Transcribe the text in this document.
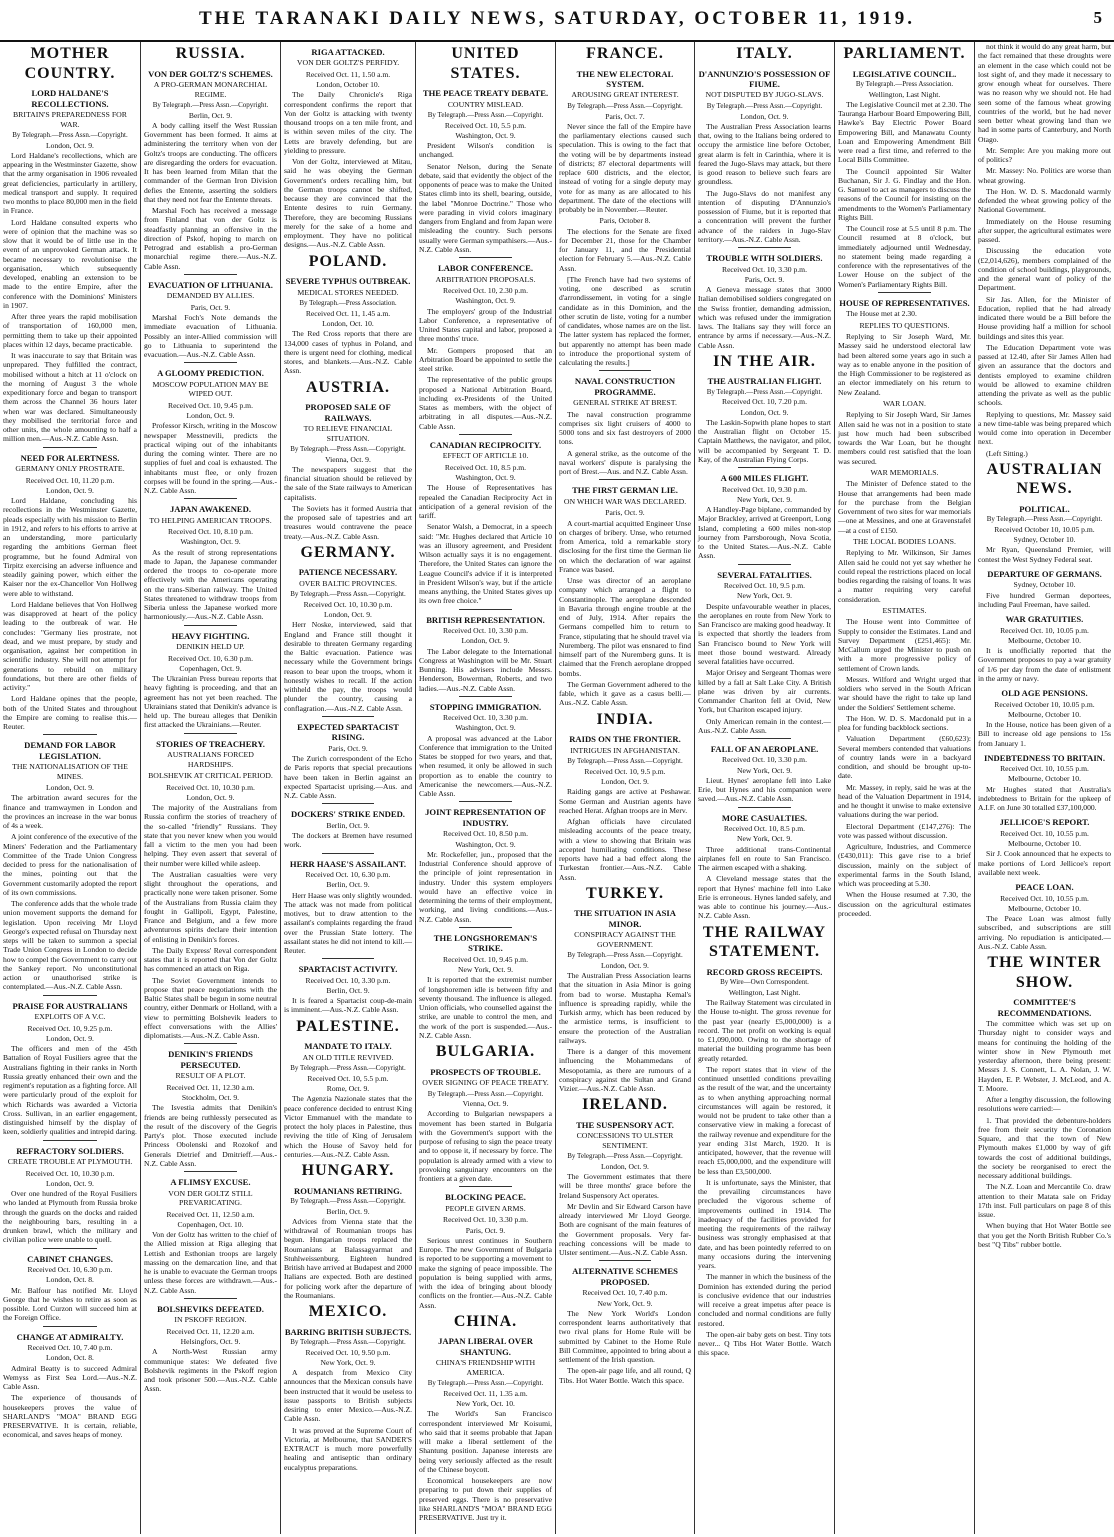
THE TARANAKI DAILY NEWS, SATURDAY, OCTOBER 11, 1919.	5
MOTHER COUNTRY.
LORD HALDANE'S RECOLLECTIONS.
BRITAIN'S PREPAREDNESS FOR WAR.
By Telegraph.—Press Assn.—Copyright.
London, Oct. 9.

Lord Haldane's recollections, which are appearing in the Westminster Gazette, show that the army organisation in 1906 revealed great deficiencies, particularly in artillery, medical transport and supply. It required two months to place 80,000 men in the field in France.

Lord Haldane consulted experts who were of opinion that the machine was so slow that it would be of little use in the event of an unprovoked German attack. It became necessary to revolutionise the organisation, which subsequently developed, enabling an extension to be made to the entire Empire, after the conference with the Dominions' Ministers in 1907.

After three years the rapid mobilisation of transportation of 160,000 men, permitting them to take up their appointed places within 12 days, became practicable.

It was inaccurate to say that Britain was unprepared. They fulfilled the contract, mobilised without a hitch at 11 o'clock on the morning of August 3 the whole expeditionary force and began to transport them across the Channel 36 hours later when war was declared. Simultaneously they mobilised the territorial force and other units, the whole amounting to half a million men.—Aus.-N.Z. Cable Assn.

NEED FOR ALERTNESS.
GERMANY ONLY PROSTRATE.
Received Oct. 10, 11.20 p.m.
London, Oct. 9.

Lord Haldane, concluding his recollections in the Westminster Gazette, pleads especially with his mission to Berlin in 1912, and refers to his efforts to arrive at an understanding, more particularly regarding the ambitions German fleet programme, but he found Admiral von Tirpitz exercising an adverse influence and steadily gaining power, which either the Kaiser nor the ex-Chancellor Von Hollweg were able to withstand.

Lord Haldane believes that Von Hollweg was disapproved at heart of the policy leading to the outbreak of war. He concludes: "Germany lies prostrate, not dead, and we must prepare, by study and organisation, against her competition in scientific industry. She will not attempt for generations to rebuild on military foundations, but there are other fields of activity."

Lord Haldane opines that the people, both of the United States and throughout the Empire are coming to realise this.—Reuter.

DEMAND FOR LABOR LEGISLATION.
THE NATIONALISATION OF THE MINES.
London, Oct. 9.

The arbitration award secures for the finance and tramwaymen in London and the provinces an increase in the war bonus of 4s a week.

A joint conference of the executive of the Miners' Federation and the Parliamentary Committee of the Trade Union Congress decided to press for the nationalisation of the mines, pointing out that the Government customarily adopted the report of its own commissions.

The conference adds that the whole trade union movement supports the demand for legislation. Upon receiving Mr Lloyd George's expected refusal on Thursday next steps will be taken to summon a special Trade Union Congress in London to decide how to compel the Government to carry out the Sankey report. No unconstitutional action or unauthorised strike is contemplated.—Aus.-N.Z. Cable Assn.

PRAISE FOR AUSTRALIANS
EXPLOITS OF A V.C.
Received Oct. 10, 9.25 p.m.
London, Oct. 9.

The officers and men of the 45th Battalion of Royal Fusiliers agree that the Australians fighting in their ranks in North Russia greatly enhanced their own and the regiment's reputation as a fighting force. All were particularly proud of the exploit for which Richards was awarded a Victoria Cross. Sullivan, in an earlier engagement, distinguished himself by the display of keen, soldierly qualities and intrepid daring.

REFRACTORY SOLDIERS.
CREATE TROUBLE AT PLYMOUTH.
Received Oct. 10, 10.30 p.m.
London, Oct. 9.

Over one hundred of the Royal Fusiliers who landed at Plymouth from Russia broke through the guards on the docks and raided the neighbouring bars, resulting in a drunken brawl, which the military and civilian police were unable to quell.

CABINET CHANGES.
Received Oct. 10, 6.30 p.m.
London, Oct. 8.

Mr. Balfour has notified Mr. Lloyd George that he wishes to retire as soon as possible. Lord Curzon will succeed him at the Foreign Office.

CHANGE AT ADMIRALTY.
Received Oct. 10, 7.40 p.m.
London, Oct. 8.

Admiral Beatty is to succeed Admiral Wemyss as First Sea Lord.—Aus.-N.Z. Cable Assn.

The experience of thousands of housekeepers proves the value of SHARLAND'S "MOA" BRAND EGG PRESERVATIVE. It is certain, reliable, economical, and saves heaps of money.

RUSSIA.
VON DER GOLTZ'S SCHEMES.
A PRO-GERMAN MONARCHIAL REGIME.
By Telegraph.—Press Assn.—Copyright.
Berlin, Oct. 9.

A body calling itself the West Russian Government has been formed. It aims at administering the territory when von der Goltz's troops are conducting. The officers are disregarding the orders for evacuation. It has been learned from Milan that the commander of the German Iron Division defies the Entente, asserting the soldiers that they need not fear the Entente threats.

Marshal Foch has received a message from Finland that von der Goltz is steadfastly planning an offensive in the direction of Pskof, hoping to march on Petrograd and establish a pro-German monarchial regime there.—Aus.-N.Z. Cable Assn.

EVACUATION OF LITHUANIA.
DEMANDED BY ALLIES.
Paris, Oct. 9.

Marshal Foch's Note demands the immediate evacuation of Lithuania. Possibly an inter-Allied commission will go to Lithuania to superintend the evacuation.—Aus.-N.Z. Cable Assn.

A GLOOMY PREDICTION.
MOSCOW POPULATION MAY BE WIPED OUT.
Received Oct. 10, 9.45 p.m.
London, Oct. 9.

Professor Kirsch, writing in the Moscow newspaper Messtnevili, predicts the practical wiping out of the inhabitants during the coming winter. There are no supplies of fuel and coal is exhausted. The inhabitants must flee, or only frozen corpses will be found in the spring.—Aus.-N.Z. Cable Assn.

JAPAN AWAKENED.
TO HELPING AMERICAN TROOPS.
Received Oct. 10, 8.10 p.m.
Washington, Oct. 9.

As the result of strong representations made to Japan, the Japanese commander ordered the troops to co-operate more effectively with the Americans operating on the trans-Siberian railway. The United States threatened to withdraw troops from Siberia unless the Japanese worked more harmoniously.—Aus.-N.Z. Cable Assn.

HEAVY FIGHTING.
DENIKIN HELD UP.
Received Oct. 10, 6.30 p.m.
Copenhagen, Oct. 9.

The Ukrainian Press bureau reports that heavy fighting is proceeding, and that an agreement has not yet been reached. The Ukrainians stated that Denikin's advance is held up. The bureau alleges that Denikin first attacked the Ukrainians.—Reuter.

STORIES OF TREACHERY.
AUSTRALIANS FORCED HARDSHIPS.
BOLSHEVIK AT CRITICAL PERIOD.
Received Oct. 10, 10.30 p.m.
London, Oct. 9.

The majority of the Australians from Russia confirm the stories of treachery of the so-called "friendly" Russians. They state that you never knew when you would fall a victim to the men you had been helping. They even assert that several of their number were killed while asleep.

The Australian casualties were very slight throughout the operations, and practically none were taken prisoner. Some of the Australians from Russia claim they fought in Gallipoli, Egypt, Palestine, France and Belgium, and a few more adventurous spirits declare their intention of enlisting in Denikin's forces.

The Daily Express' Reval correspondent states that it is reported that Von der Goltz has commenced an attack on Riga.

The Soviet Government intends to propose that peace negotiations with the Baltic States shall be begun in some neutral country, either Denmark or Holland, with a view to permitting Bolshevik leaders to effect conversations with the Allies' diplomatists.—Aus.-N.Z. Cable Assn.

DENIKIN'S FRIENDS PERSECUTED.
RESULT OF A PLOT.
Received Oct. 11, 12.30 a.m.
Stockholm, Oct. 9.

The Isvestia admits that Denikin's friends are being ruthlessly persecuted as the result of the discovery of the Gegris Party's plot. Those executed include Princess Obolenski and Rozokof and Generals Dietrief and Dmitrieff.—Aus.-N.Z. Cable Assn.

A FLIMSY EXCUSE.
VON DER GOLTZ STILL PREVARICATING.
Received Oct. 11, 12.50 a.m.
Copenhagen, Oct. 10.

Von der Goltz has written to the chief of the Allied mission at Riga alleging that Lettish and Esthonian troops are largely massing on the demarcation line, and that he is unable to evacuate the German troops unless these forces are withdrawn.—Aus.-N.Z. Cable Assn.

BOLSHEVIKS DEFEATED.
IN PSKOFF REGION.
Received Oct. 11, 12.20 a.m.
Helsingfors, Oct. 9.

A North-West Russian army communique states: We defeated five Bolshevik regiments in the Pskoff region and took prisoner 500.—Aus.-N.Z. Cable Assn.

RIGA ATTACKED.
VON DER GOLTZ'S PERFIDY.
Received Oct. 11, 1.50 a.m.
London, October 10.

The Daily Chronicle's Riga correspondent confirms the report that Von der Goltz is attacking with twenty thousand troops on a ten mile front, and is within seven miles of the city. The Letts are bravely defending, but are yielding to pressure.

Von der Goltz, interviewed at Mitau, said he was obeying the German Government's orders recalling him, but the German troops cannot be shifted, because they are convinced that the Entente desires to ruin Germany. Therefore, they are becoming Russians merely for the sake of a home and employment. They have no political designs.—Aus.-N.Z. Cable Assn.

POLAND.
SEVERE TYPHUS OUTBREAK.
MEDICAL STORES NEEDED.
By Telegraph.—Press Association.
Received Oct. 11, 1.45 a.m.
London, Oct. 10.

The Red Cross reports that there are 134,000 cases of typhus in Poland, and there is urgent need for clothing, medical stores, and blankets.—Aus.-N.Z. Cable Assn.

AUSTRIA.
PROPOSED SALE OF RAILWAYS.
TO RELIEVE FINANCIAL SITUATION.
By Telegraph.—Press Assn.—Copyright.
Vienna, Oct. 9.

The newspapers suggest that the financial situation should be relieved by the sale of the State railways to American capitalists.

The Soviets has it formed Austria that the proposed sale of tapestries and art treasures would contravene the peace treaty.—Aus.-N.Z. Cable Assn.

GERMANY.
PATIENCE NECESSARY.
OVER BALTIC PROVINCES.
By Telegraph.—Press Assn.—Copyright.
Received Oct. 10, 10.30 p.m.
London, Oct. 9.

Herr Noske, interviewed, said that England and France still thought it desirable to threaten Germany regarding the Baltic evacuation. Patience was necessary while the Government brings reason to bear upon the troops, whom it honestly wishes to recall. If the action withheld the pay, the troops would plunder the country, causing a conflagration.—Aus.-N.Z. Cable Assn.

EXPECTED SPARTACIST RISING.
Paris, Oct. 9.

The Zurich correspondent of the Echo de Paris reports that special precautions have been taken in Berlin against an expected Spartacist uprising.—Aus. and N.Z. Cable Assn.

DOCKERS' STRIKE ENDED.
Berlin, Oct. 9.

The dockers at Bremen have resumed work.

HERR HAASE'S ASSAILANT.
Received Oct. 10, 6.30 p.m.
Berlin, Oct. 9.

Herr Haase was only slightly wounded. The attack was not made from political motives, but to draw attention to the assailant's complaints regarding the fraud over the Prussian State lottery. The assailant states he did not intend to kill.—Reuter.

SPARTACIST ACTIVITY.
Received Oct. 10, 3.30 p.m.
Berlin, Oct. 9.

It is feared a Spartacist coup-de-main is imminent.—Aus.-N.Z. Cable Assn.

PALESTINE.
MANDATE TO ITALY.
AN OLD TITLE REVIVED.
By Telegraph.—Press Assn.—Copyright.
Received Oct. 10, 5.5 p.m.
Rome, Oct. 9.

The Agenzia Nazionale states that the peace conference decided to entrust King Victor Emmanuel with the mandate to protect the holy places in Palestine, thus reviving the title of King of Jerusalem which the House of Savoy held for centuries.—Aus.-N.Z. Cable Assn.

HUNGARY.
ROUMANIANS RETIRING.
By Telegraph.—Press Assn.—Copyright.
Berlin, Oct. 9.

Advices from Vienna state that the withdrawal of Roumanian troops has begun. Hungarian troops replaced the Roumanians at Balassagyarmat and Stuhlweissenburg. Eighteen hundred British have arrived at Budapest and 2000 Italians are expected. Both are destined for policing work after the departure of the Roumanians.

MEXICO.
BARRING BRITISH SUBJECTS.
By Telegraph.—Press Assn.—Copyright.
Received Oct. 10, 9.50 p.m.
New York, Oct. 9.

A despatch from Mexico City announces that the Mexican consuls have been instructed that it would be useless to issue passports to British subjects desiring to enter Mexico.—Aus.-N.Z. Cable Assn.

It was proved at the Supreme Court of Victoria, at Melbourne, that SANDER'S EXTRACT is much more powerfully healing and antiseptic than ordinary eucalyptus preparations.

UNITED STATES.
THE PEACE TREATY DEBATE.
COUNTRY MISLEAD.
By Telegraph.—Press Assn.—Copyright.
Received Oct. 10, 5.5 p.m.
Washington, Oct. 9.

President Wilson's condition is unchanged.

Senator Nelson, during the Senate debate, said that evidently the object of the opponents of peace was to make the United States climb into its shell, bearing, outside, the label "Monroe Doctrine." Those who were parading in vivid colors imaginary dangers from England and from Japan were misleading the country. Such persons usually were German sympathisers.—Aus.-N.Z. Cable Assn.

LABOR CONFERENCE.
ARBITRATION PROPOSALS.
Received Oct. 10, 2.30 p.m.
Washington, Oct. 9.

The employers' group of the Industrial Labor Conference, a representative of United States capital and labor, proposed a three months' truce.

Mr. Gompers proposed that an Arbitration Board be appointed to settle the steel strike.

The representative of the public groups proposed a National Arbitration Board, including ex-Presidents of the United States as members, with the object of arbitrating in all disputes.—Aus.-N.Z. Cable Assn.

CANADIAN RECIPROCITY.
EFFECT OF ARTICLE 10.
Received Oct. 10, 8.5 p.m.
Washington, Oct. 9.

The House of Representatives has repealed the Canadian Reciprocity Act in anticipation of a general revision of the tariff.

Senator Walsh, a Democrat, in a speech said: "Mr. Hughes declared that Article 10 was an illusory agreement, and President Wilson actually says it is no engagement. Therefore, the United States can ignore the League Council's advice if it is interpreted in President Wilson's way, but if the article means anything, the United States gives up its own free choice."

BRITISH REPRESENTATION.
Received Oct. 10, 3.30 p.m.
London, Oct. 9.

The Labor delegate to the International Congress at Washington will be Mr. Stuart Bunning. His advisers include Messrs. Henderson, Bowerman, Roberts, and two ladies.—Aus.-N.Z. Cable Assn.

STOPPING IMMIGRATION.
Received Oct. 10, 3.30 p.m.
Washington, Oct. 9.

A proposal was advanced at the Labor Conference that immigration to the United States be stopped for two years, and that, when resumed, it only be allowed in such proportion as to enable the country to Americanise the newcomers.—Aus.-N.Z. Cable Assn.

JOINT REPRESENTATION OF INDUSTRY.
Received Oct. 10, 8.50 p.m.
Washington, Oct. 9.

Mr. Rockefeller, jun., proposed that the Industrial Conference should approve of the principle of joint representation in industry. Under this system employers would have an effective voice in determining the terms of their employment, working, and living conditions.—Aus.-N.Z. Cable Assn.

THE LONGSHOREMAN'S STRIKE.
Received Oct. 10, 9.45 p.m.
New York, Oct. 9.

It is reported that the extremist number of longshoremen idle is between fifty and seventy thousand. The influence is alleged. Union officials, who counselled against the strike, are unable to control the men, and the work of the port is suspended.—Aus.-N.Z. Cable Assn.

BULGARIA.
PROSPECTS OF TROUBLE.
OVER SIGNING OF PEACE TREATY.
By Telegraph.—Press Assn.—Copyright.
Vienna, Oct. 9.

According to Bulgarian newspapers a movement has been started in Bulgaria with the Government's support with the purpose of refusing to sign the peace treaty and to oppose it, if necessary by force. The population is already armed with a view to provoking sanguinary encounters on the frontiers at a given date.

BLOCKING PEACE.
PEOPLE GIVEN ARMS.
Received Oct. 10, 3.30 p.m.
Paris, Oct. 9.

Serious unrest continues in Southern Europe. The new Government of Bulgaria is reported to be supporting a movement to make the signing of peace impossible. The population is being supplied with arms, with the idea of bringing about bloody conflicts on the frontier.—Aus.-N.Z. Cable Assn.

CHINA.
JAPAN LIBERAL OVER SHANTUNG.
CHINA'S FRIENDSHIP WITH AMERICA.
By Telegraph.—Press Assn.—Copyright.
Received Oct. 11, 1.35 a.m.
New York, Oct. 10.

The World's San Francisco correspondent interviewed Mr Koisumi, who said that it seems probable that Japan will make a liberal settlement of the Shantung position. Japanese interests are being very seriously affected as the result of the Chinese boycott.

Economical housekeepers are now preparing to put down their supplies of preserved eggs. There is no preservative like SHARLAND'S "MOA" BRAND EGG PRESERVATIVE. Just try it.

FRANCE.
THE NEW ELECTORAL SYSTEM.
AROUSING GREAT INTEREST.
By Telegraph.—Press Assn.—Copyright.
Paris, Oct. 7.

Never since the fall of the Empire have the parliamentary elections caused such speculation. This is owing to the fact that the voting will be by departments instead of districts; 87 electoral departments will replace 600 districts, and the elector, instead of voting for a single deputy may vote for as many as are allocated to his department. The date of the elections will probably be in November.—Reuter.

Paris, October 8.

The elections for the Senate are fixed for December 21, those for the Chamber for January 11, and the Presidential election for February 5.—Aus.-N.Z. Cable Assn.

[The French have had two systems of voting, one described as scrutin d'arrondissement, in voting for a single candidate as in this Dominion, and the other scrutin de liste, voting for a number of candidates, whose names are on the list. The latter system has replaced the former, but apparently no attempt has been made to introduce the proportional system of calculating the results.]

NAVAL CONSTRUCTION PROGRAMME.
GENERAL STRIKE AT BREST.

The naval construction programme comprises six light cruisers of 4000 to 5000 tons and six fast destroyers of 2000 tons.

A general strike, as the outcome of the naval workers' dispute is paralysing the port of Brest.—Aus. and N.Z. Cable Assn.

THE FIRST GERMAN LIE.
ON WHICH WAR WAS DECLARED.
Paris, Oct. 9.

A court-martial acquitted Engineer Unse on charges of bribery. Unse, who returned from America, told a remarkable story disclosing for the first time the German lie on which the declaration of war against France was based.

Unse was director of an aeroplane company which arranged a flight to Constantinople. The aeroplane descended in Bavaria through engine trouble at the end of July, 1914. After repairs the Germans compelled him to return to France, stipulating that he should travel via Nuremberg. The pilot was ensnared to find himself part of the Nuremberg guns. It is claimed that the French aeroplane dropped bombs.

The German Government adhered to the fable, which it gave as a casus belli.—Aus.-N.Z. Cable Assn.

INDIA.
RAIDS ON THE FRONTIER.
INTRIGUES IN AFGHANISTAN.
By Telegraph.—Press Assn.—Copyright.
Received Oct. 10, 9.5 p.m.
London, Oct. 9.

Raiding gangs are active at Peshawar. Some German and Austrian agents have reached Herat. Afghan troops are in Merv.

Afghan officials have circulated misleading accounts of the peace treaty, with a view to showing that Britain was accepted humiliating conditions. These reports have had a bad effect along the Turkestan frontier.—Aus.-N.Z. Cable Assn.

TURKEY.
THE SITUATION IN ASIA MINOR.
CONSPIRACY AGAINST THE GOVERNMENT.
By Telegraph.—Press Assn.—Copyright.
London, Oct. 9.

The Australian Press Association learns that the situation in Asia Minor is going from bad to worse. Mustapha Kemal's influence is spreading rapidly, while the Turkish army, which has been reduced by the armistice terms, is insufficient to ensure the protection of the Australian railways.

There is a danger of this movement influencing the Mohammedans of Mesopotamia, as there are rumours of a conspiracy against the Sultan and Grand Vizier.—Aus.-N.Z. Cable Assn.

IRELAND.
THE SUSPENSORY ACT.
CONCESSIONS TO ULSTER SENTIMENT.
By Telegraph.—Press Assn.—Copyright.
London, Oct. 9.

The Government estimates that there will be three months' grace before the Ireland Suspensory Act operates.

Mr Devlin and Sir Edward Carson have already interviewed Mr Lloyd George. Both are cognisant of the main features of the Government proposals. Very far-reaching concessions will be made to Ulster sentiment.—Aus.-N.Z. Cable Assn.

ALTERNATIVE SCHEMES PROPOSED.
Received Oct. 10, 7.40 p.m.
New York, Oct. 9.

The New York World's London correspondent learns authoritatively that two rival plans for Home Rule will be submitted by Cabinet to the Home Rule Bill Committee, appointed to bring about a settlement of the Irish question.

The open-air page life, and all round, Q Tibs. Hot Water Bottle. Watch this space.

ITALY.
D'ANNUNZIO'S POSSESSION OF FIUME.
NOT DISPUTED BY JUGO-SLAVS.
By Telegraph.—Press Assn.—Copyright.
London, Oct. 9.

The Australian Press Association learns that, owing to the Italians being ordered to occupy the armistice line before October, great alarm is felt in Carinthia, where it is feared the Jugo-Slavs may attack, but there is good reason to believe such fears are groundless.

The Jugo-Slavs do not manifest any intention of disputing D'Annunzio's possession of Fiume, but it is reported that a concentration will prevent the further advance of the raiders in Jugo-Slav territory.—Aus.-N.Z. Cable Assn.

TROUBLE WITH SOLDIERS.
Received Oct. 10, 3.30 p.m.
Paris, Oct. 9.

A Geneva message states that 3000 Italian demobilised soldiers congregated on the Swiss frontier, demanding admission, which was refused under the immigration laws. The Italians say they will force an entrance by arms if necessary.—Aus.-N.Z. Cable Assn.

IN THE AIR.
THE AUSTRALIAN FLIGHT.
By Telegraph.—Press Assn.—Copyright.
Received Oct. 10, 7.20 p.m.
London, Oct. 9.

The Laskin-Sopwith plane hopes to start the Australian flight on October 15. Captain Matthews, the navigator, and pilot, will be accompanied by Sergeant T. D. Kay, of the Australian Flying Corps.

A 600 MILES FLIGHT.
Received Oct. 10, 9.30 p.m.
New York, Oct. 9.

A Handley-Page biplane, commanded by Major Brackley, arrived at Greenport, Long Island, completing a 600 miles non-stop journey from Parrsborough, Nova Scotia, to the United States.—Aus.-N.Z. Cable Assn.

SEVERAL FATALITIES.
Received Oct. 10, 9.5 p.m.
New York, Oct. 9.

Despite unfavourable weather in places, the aeroplanes en route from New York to San Francisco are making good headway. It is expected that shortly the leaders from San Francisco bound to New York will meet those bound westward. Already several fatalities have occurred.

Major Orisey and Sergeant Thomas were killed by a fall at Salt Lake City. A British plane was driven by air currents. Commander Chariton fell at Ovid, New York, but Chariton escaped injury.

Only American remain in the contest.—Aus.-N.Z. Cable Assn.

FALL OF AN AEROPLANE.
Received Oct. 10, 3.30 p.m.
New York, Oct. 9.

Lieut. Hynes' aeroplane fell into Lake Erie, but Hynes and his companion were saved.—Aus.-N.Z. Cable Assn.

MORE CASUALTIES.
Received Oct. 10, 8.5 p.m.
New York, Oct. 9.

Three additional trans-Continental airplanes fell en route to San Francisco. The airmen escaped with a shaking.

A Cleveland message states that the report that Hynes' machine fell into Lake Erie is erroneous. Hynes landed safely, and was able to continue his journey.—Aus.-N.Z. Cable Assn.

THE RAILWAY STATEMENT.
RECORD GROSS RECEIPTS.
By Wire—Own Correspondent.
Wellington, Last Night.

The Railway Statement was circulated in the House to-night. The gross revenue for the past year (nearly £5,000,000) is a record. The net profit on working is equal to £1,090,000. Owing to the shortage of material the building programme has been greatly retarded.

The report states that in view of the continued unsettled conditions prevailing as the result of the war, and the uncertainty as to when anything approaching normal circumstances will again be restored, it would not be prudent to take other than a conservative view in making a forecast of the railway revenue and expenditure for the year ending 31st March, 1920. It is anticipated, however, that the revenue will reach £5,000,000, and the expenditure will be less than £3,500,000.

It is unfortunate, says the Minister, that the prevailing circumstances have precluded the vigorous scheme of improvements outlined in 1914. The inadequacy of the facilities provided for meeting the requirements of the railway business was strongly emphasised at that date, and has been pointedly referred to on many occasions during the intervening years.

The manner in which the business of the Dominion has extended during the period is conclusive evidence that our industries will receive a great impetus after peace is concluded and normal conditions are fully restored.

The open-air baby gets on best. Tiny tots never... Q Tibs Hot Water Bottle. Watch this space.

PARLIAMENT.
LEGISLATIVE COUNCIL.
By Telegraph.—Press Association.
Wellington, Last Night.

The Legislative Council met at 2.30. The Tauranga Harbour Board Empowering Bill, Hawke's Bay Electric Power Board Empowering Bill, and Manawatu County Loan and Empowering Amendment Bill were read a first time, and referred to the Local Bills Committee.

The Council appointed Sir Walter Buchanan, Sir J. G. Findlay and the Hon. G. Samuel to act as managers to discuss the reasons of the Council for insisting on the amendments to the Women's Parliamentary Rights Bill.

The Council rose at 5.5 until 8 p.m. The Council resumed at 8 o'clock, but immediately adjourned until Wednesday, no statement being made regarding a conference with the representatives of the Lower House on the subject of the Women's Parliamentary Rights Bill.

HOUSE OF REPRESENTATIVES.

The House met at 2.30.

REPLIES TO QUESTIONS.

Replying to Sir Joseph Ward, Mr. Massey said he understood electoral law had been altered some years ago in such a way as to enable anyone in the position of the High Commissioner to be registered as an elector immediately on his return to New Zealand.

WAR LOAN.

Replying to Sir Joseph Ward, Sir James Allen said he was not in a position to state just how much had been subscribed towards the War Loan, but he thought members could rest satisfied that the loan was secured.

WAR MEMORIALS.

The Minister of Defence stated to the House that arrangements had been made for the purchase from the Belgian Government of two sites for war memorials—one at Messines, and one at Gravenstafel—at a cost of £150.

THE LOCAL BODIES LOANS.

Replying to Mr. Wilkinson, Sir James Allen said he could not yet say whether he could repeal the restrictions placed on local bodies regarding the raising of loans. It was a matter requiring very careful consideration.

ESTIMATES.

The House went into Committee of Supply to consider the Estimates. Land and Survey Department (£251,465): Mr. McCallum urged the Minister to push on with a more progressive policy of settlement of Crown lands.

Messrs. Wilford and Wright urged that soldiers who served in the South African war should have the right to take up land under the Soldiers' Settlement scheme.

The Hon. W. D. S. Macdonald put in a plea for funding backblock sections.

Valuation Department (£60,623): Several members contended that valuations of country lands were in a backyard condition, and should be brought up-to-date.

Mr. Massey, in reply, said he was at the head of the Valuation Department in 1914, and he thought it unwise to make extensive valuations during the war period.

Electoral Department (£147,276): The vote was passed without discussion.

Agriculture, Industries, and Commerce (£430,011): This gave rise to a brief discussion, mainly on the subject of experimental farms in the South Island, which was proceeding at 5.30.

When the House resumed at 7.30, the discussion on the agricultural estimates proceeded.

not think it would do any great harm, but the fact remained that these droughts were an element in the case which could not be lost sight of, and they made it necessary to grow enough wheat for ourselves. There was no reason why we should not. He had seen some of the famous wheat growing countries of the world, but he had never seen better wheat growing land than we had in some parts of Canterbury, and North Otago.

Mr. Semple: Are you making more out of politics?

Mr. Massey: No. Politics are worse than wheat growing.

The Hon. W. D. S. Macdonald warmly defended the wheat growing policy of the National Government.

Immediately on the House resuming after supper, the agricultural estimates were passed.

Discussing the education vote (£2,014,626), members complained of the condition of school buildings, playgrounds, and the general want of policy of the Department.

Sir Jas. Allen, for the Minister of Education, replied that he had already indicated there would be a Bill before the House providing half a million for school buildings and sites this year.

The Education Department vote was passed at 12.40, after Sir James Allen had given an assurance that the doctors and dentists employed to examine children would be allowed to examine children attending the private as well as the public schools.

Replying to questions, Mr. Massey said a new time-table was being prepared which would come into operation in December next.

(Left Sitting.)

AUSTRALIAN NEWS.
POLITICAL.
By Telegraph.—Press Assn.—Copyright.
Received October 10, 10.05 p.m.
Sydney, October 10.

Mr Ryan, Queensland Premier, will contest the West Sydney Federal seat.

DEPARTURE OF GERMANS.
Sydney, October 10.

Five hundred German deportees, including Paul Freeman, have sailed.

WAR GRATUITIES.
Received Oct. 10, 10.05 p.m.
Melbourne, October 10.

It is unofficially reported that the Government proposes to pay a war gratuity of 1/6 per day from the date of enlistment in the army or navy.

OLD AGE PENSIONS.
Received October 10, 10.05 p.m.
Melbourne, October 10.

In the House, notice has been given of a Bill to increase old age pensions to 15s from January 1.

INDEBTEDNESS TO BRITAIN.
Received Oct. 10, 10.55 p.m.
Melbourne, October 10.

Mr Hughes stated that Australia's indebtedness to Britain for the upkeep of A.I.F. on June 30 totalled £37,100,000.

JELLICOE'S REPORT.
Received Oct. 10, 10.55 p.m.
Melbourne, October 10.

Sir J. Cook announced that he expects to make portions of Lord Jellicoe's report available next week.

PEACE LOAN.
Received Oct. 10, 10.55 p.m.
Melbourne, October 10.

The Peace Loan was almost fully subscribed, and subscriptions are still arriving. No repudiation is anticipated.—Aus.-N.Z. Cable Assn.

THE WINTER SHOW.
COMMITTEE'S RECOMMENDATIONS.

The committee which was set up on Thursday night to consider ways and means for continuing the holding of the winter show in New Plymouth met yesterday afternoon, there being present: Messrs J. S. Connett, L. A. Nolan, J. W. Hayden, E. P. Webster, J. McLeod, and A. T. Moore.

After a lengthy discussion, the following resolutions were carried:—

1. That provided the debenture-holders free from their security the Coronation Square, and that the town of New Plymouth makes £1,000 by way of gift towards the cost of additional buildings, the society be reorganised to erect the necessary additional buildings.

The N.Z. Loan and Mercantile Co. draw attention to their Matata sale on Friday 17th inst. Full particulars on page 8 of this issue.

When buying that Hot Water Bottle see that you get the North British Rubber Co.'s best "Q Tibs" rubber bottle.
